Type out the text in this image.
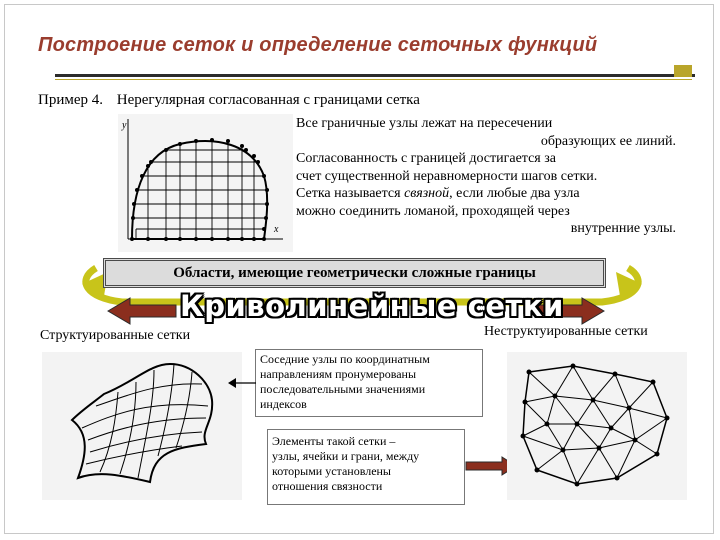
Построение сеток и определение сеточных функций
Пример 4. Нерегулярная согласованная с границами сетка
y
x
Все граничные узлы лежат на пересечении
образующих ее линий.
Согласованность с границей достигается за
счет существенной неравномерности шагов сетки.
Сетка называется связной, если любые два узла
можно соединить ломаной, проходящей через
внутренние узлы.
Области, имеющие геометрически сложные границы
Криволинейные сетки
Структуированные сетки	Неструктуированные сетки
Соседние узлы по координатным
направлениям пронумерованы
последовательными значениями
индексов
Элементы такой сетки –
узлы, ячейки и грани, между
которыми установлены
отношения связности
